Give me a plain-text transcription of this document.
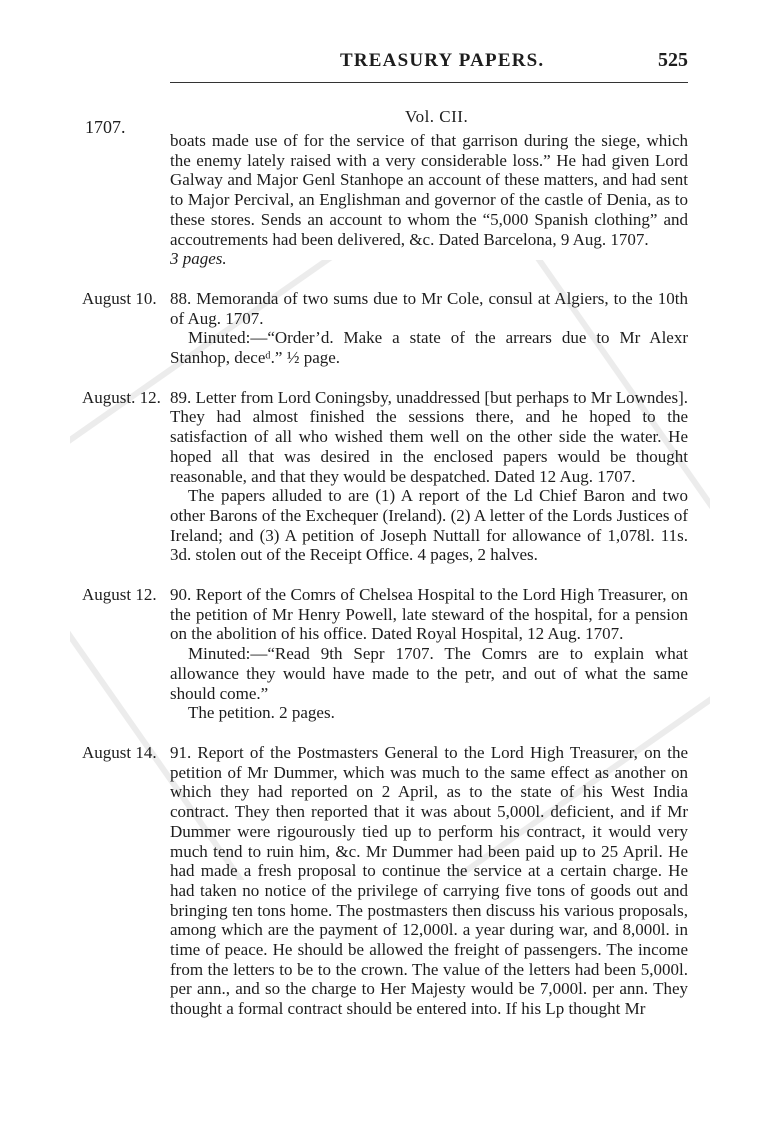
TREASURY PAPERS.	525
1707.
Vol. CII.

boats made use of for the service of that garrison during the siege, which the enemy lately raised with a very considerable loss.” He had given Lord Galway and Major Genl Stanhope an account of these matters, and had sent to Major Percival, an Englishman and governor of the castle of Denia, as to these stores. Sends an account to whom the “5,000 Spanish clothing” and accoutrements had been delivered, &c. Dated Barcelona, 9 Aug. 1707.

3 pages.

August 10. 88. Memoranda of two sums due to Mr Cole, consul at Algiers, to the 10th of Aug. 1707.

Minuted:—“Order’d. Make a state of the arrears due to Mr Alexr Stanhop, deceᵈ.” ½ page.

August. 12. 89. Letter from Lord Coningsby, unaddressed [but perhaps to Mr Lowndes]. They had almost finished the sessions there, and he hoped to the satisfaction of all who wished them well on the other side the water. He hoped all that was desired in the enclosed papers would be thought reasonable, and that they would be despatched. Dated 12 Aug. 1707.

The papers alluded to are (1) A report of the Ld Chief Baron and two other Barons of the Exchequer (Ireland). (2) A letter of the Lords Justices of Ireland; and (3) A petition of Joseph Nuttall for allowance of 1,078l. 11s. 3d. stolen out of the Receipt Office. 4 pages, 2 halves.

August 12. 90. Report of the Comrs of Chelsea Hospital to the Lord High Treasurer, on the petition of Mr Henry Powell, late steward of the hospital, for a pension on the abolition of his office. Dated Royal Hospital, 12 Aug. 1707.

Minuted:—“Read 9th Sepr 1707. The Comrs are to explain what allowance they would have made to the petr, and out of what the same should come.”

The petition. 2 pages.

August 14. 91. Report of the Postmasters General to the Lord High Treasurer, on the petition of Mr Dummer, which was much to the same effect as another on which they had reported on 2 April, as to the state of his West India contract. They then reported that it was about 5,000l. deficient, and if Mr Dummer were rigourously tied up to perform his contract, it would very much tend to ruin him, &c. Mr Dummer had been paid up to 25 April. He had made a fresh proposal to continue the service at a certain charge. He had taken no notice of the privilege of carrying five tons of goods out and bringing ten tons home. The postmasters then discuss his various proposals, among which are the payment of 12,000l. a year during war, and 8,000l. in time of peace. He should be allowed the freight of passengers. The income from the letters to be to the crown. The value of the letters had been 5,000l. per ann., and so the charge to Her Majesty would be 7,000l. per ann. They thought a formal contract should be entered into. If his Lp thought Mr
